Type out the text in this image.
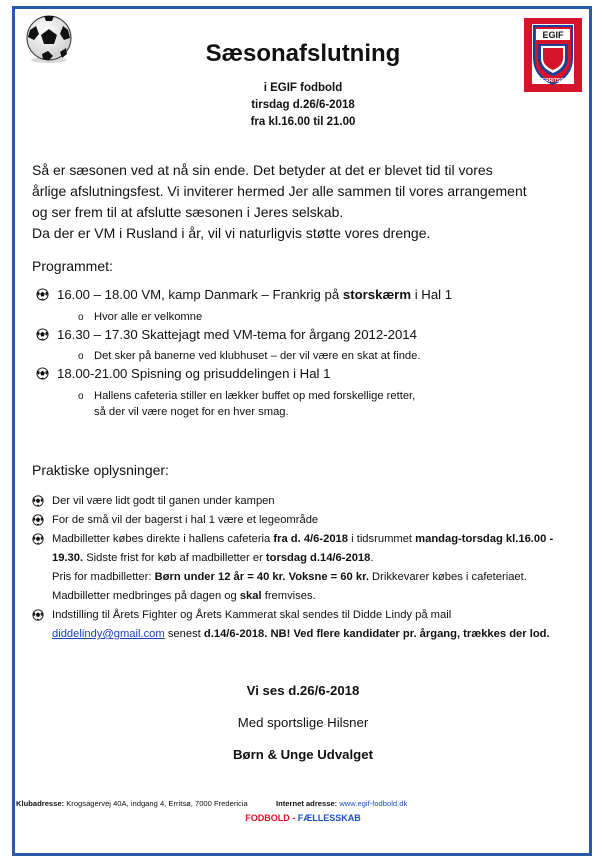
EGIF
ERRITSØ
Sæsonafslutning
i EGIF fodbold
tirsdag d.26/6-2018
fra kl.16.00 til 21.00

Så er sæsonen ved at nå sin ende. Det betyder at det er blevet tid til vores

årlige afslutningsfest. Vi inviterer hermed Jer alle sammen til vores arrangement

og ser frem til at afslutte sæsonen i Jeres selskab.

Da der er VM i Rusland i år, vil vi naturligvis støtte vores drenge.

Programmet:
16.00 – 18.00 VM, kamp Danmark – Frankrig på storskærm i Hal 1
o Hvor alle er velkomne
16.30 – 17.30 Skattejagt med VM-tema for årgang 2012-2014
o Det sker på banerne ved klubhuset – der vil være en skat at finde.
18.00-21.00 Spisning og prisuddelingen i Hal 1
o Hallens cafeteria stiller en lækker buffet op med forskellige retter,
så der vil være noget for en hver smag.
Praktiske oplysninger:
Der vil være lidt godt til ganen under kampen
For de små vil der bagerst i hal 1 være et legeområde
Madbilletter købes direkte i hallens cafeteria fra d. 4/6-2018 i tidsrummet mandag-torsdag kl.16.00 -
19.30. Sidste frist for køb af madbilletter er torsdag d.14/6-2018.
Pris for madbilletter: Børn under 12 år = 40 kr. Voksne = 60 kr. Drikkevarer købes i cafeteriaet.
Madbilletter medbringes på dagen og skal fremvises.
Indstilling til Årets Fighter og Årets Kammerat skal sendes til Didde Lindy på mail
diddelindy@gmail.com senest d.14/6-2018. NB! Ved flere kandidater pr. årgang, trækkes der lod.
Vi ses d.26/6-2018
Med sportslige Hilsner
Børn & Unge Udvalget
Klubadresse: Krogsagervej 40A, indgang 4, Erritsø, 7000 Fredericia	Internet adresse: www.egif-fodbold.dk
FODBOLD - FÆLLESSKAB
